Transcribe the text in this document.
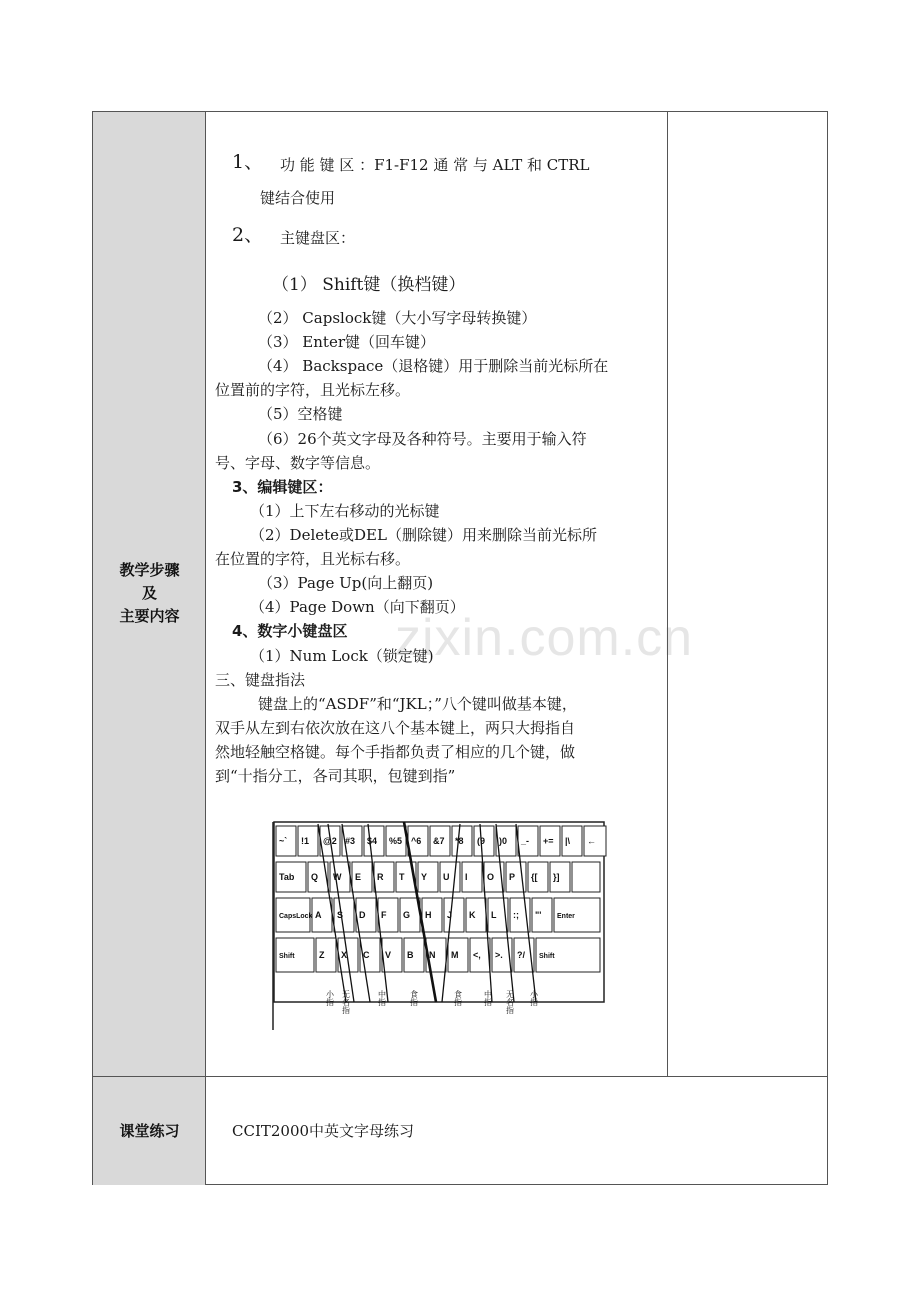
zixin.com.cn
教学步骤
及
主要内容
课堂练习	CCIT2000中英文字母练习
1、 功 能 键 区 ：F1-F12 通 常 与 ALT 和 CTRL
键结合使用
2、 主键盘区：
（1） Shift键（换档键）
（2） Capslock键（大小写字母转换键）
（3） Enter键（回车键）
（4） Backspace（退格键）用于删除当前光标所在
位置前的字符，且光标左移。
（5）空格键
（6）26个英文字母及各种符号。主要用于输入符
号、字母、数字等信息。
3、编辑键区：
（1）上下左右移动的光标键
（2）Delete或DEL（删除键）用来删除当前光标所
在位置的字符，且光标右移。
（3）Page Up(向上翻页)
（4）Page Down（向下翻页）
4、数字小键盘区
（1）Num Lock（锁定键)
三、键盘指法
键盘上的“ASDF”和“JKL；”八个键叫做基本键，
双手从左到右依次放在这八个基本键上，两只大拇指自
然地轻触空格键。每个手指都负责了相应的几个键，做
到“十指分工，各司其职，包键到指”
~` !1 @2 #3 $4 %5 ^6 &7 *8 (9 )0 _- += |\ ←
Tab Q W E R T Y U I O P {[ }]
CapsLock A S D F G H J K L :; "' Enter
Shift	Z X C V B N M <, >. ?/ Shift
小指 无名指	中指	食指	食指	中指 无名指 小指
